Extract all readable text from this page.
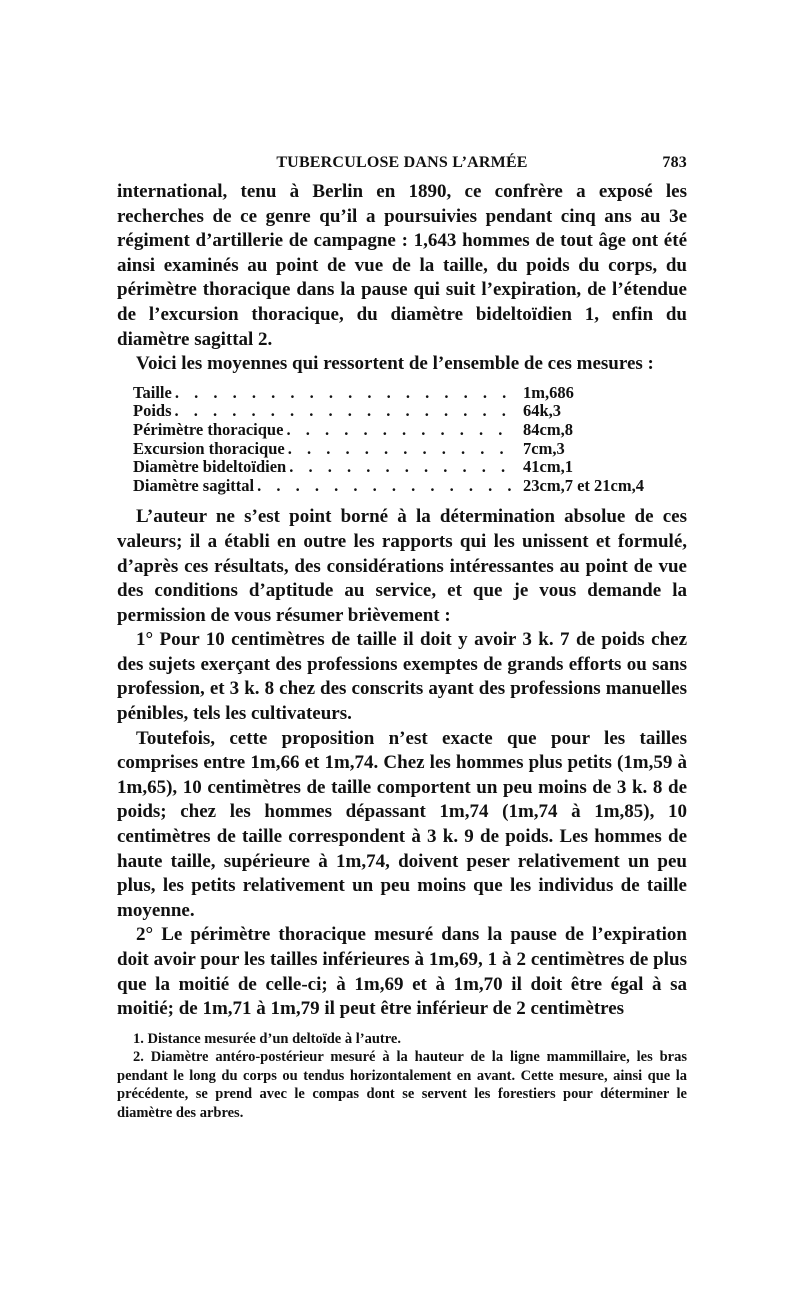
TUBERCULOSE DANS L’ARMÉE	783

international, tenu à Berlin en 1890, ce confrère a exposé les recherches de ce genre qu’il a poursuivies pendant cinq ans au 3e régiment d’artillerie de campagne : 1,643 hommes de tout âge ont été ainsi examinés au point de vue de la taille, du poids du corps, du périmètre thoracique dans la pause qui suit l’expiration, de l’étendue de l’excursion thoracique, du diamètre bideltoïdien 1, enfin du diamètre sagittal 2.

Voici les moyennes qui ressortent de l’ensemble de ces mesures :

Taille . . .	1m,686
Poids . . .	64k,3
Périmètre thoracique . . .	84cm,8
Excursion thoracique . . .	7cm,3
Diamètre bideltoïdien . . .	41cm,1
Diamètre sagittal . . .	23cm,7 et 21cm,4

L’auteur ne s’est point borné à la détermination absolue de ces valeurs; il a établi en outre les rapports qui les unissent et formulé, d’après ces résultats, des considérations intéressantes au point de vue des conditions d’aptitude au service, et que je vous demande la permission de vous résumer brièvement :

1° Pour 10 centimètres de taille il doit y avoir 3 k. 7 de poids chez des sujets exerçant des professions exemptes de grands efforts ou sans profession, et 3 k. 8 chez des conscrits ayant des professions manuelles pénibles, tels les cultivateurs.

Toutefois, cette proposition n’est exacte que pour les tailles comprises entre 1m,66 et 1m,74. Chez les hommes plus petits (1m,59 à 1m,65), 10 centimètres de taille comportent un peu moins de 3 k. 8 de poids; chez les hommes dépassant 1m,74 (1m,74 à 1m,85), 10 centimètres de taille correspondent à 3 k. 9 de poids. Les hommes de haute taille, supérieure à 1m,74, doivent peser relativement un peu plus, les petits relativement un peu moins que les individus de taille moyenne.

2° Le périmètre thoracique mesuré dans la pause de l’expiration doit avoir pour les tailles inférieures à 1m,69, 1 à 2 centimètres de plus que la moitié de celle-ci; à 1m,69 et à 1m,70 il doit être égal à sa moitié; de 1m,71 à 1m,79 il peut être inférieur de 2 centimètres

1. Distance mesurée d’un deltoïde à l’autre.

2. Diamètre antéro-postérieur mesuré à la hauteur de la ligne mammillaire, les bras pendant le long du corps ou tendus horizontalement en avant. Cette mesure, ainsi que la précédente, se prend avec le compas dont se servent les forestiers pour déterminer le diamètre des arbres.
